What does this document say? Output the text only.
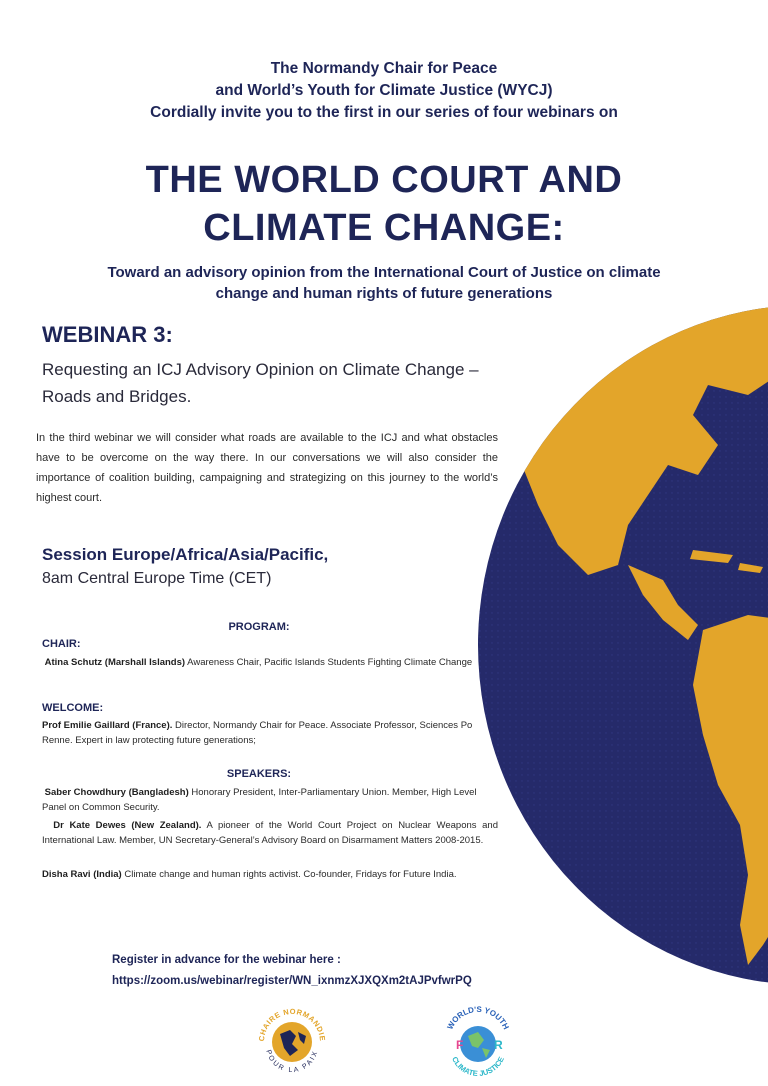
The Normandy Chair for Peace
and World’s Youth for Climate Justice (WYCJ)
Cordially invite you to the first in our series of four webinars on
THE WORLD COURT AND
CLIMATE CHANGE:
Toward an advisory opinion from the International Court of Justice on climate
change and human rights of future generations
WEBINAR 3:
Requesting an ICJ Advisory Opinion on Climate Change –
Roads and Bridges.
In the third webinar we will consider what roads are available to the ICJ and what obstacles have to be overcome on the way there. In our conversations we will also consider the importance of coalition building, campaigning and strategizing on this journey to the world’s highest court.
Session Europe/Africa/Asia/Pacific,
8am Central Europe Time (CET)
PROGRAM:
CHAIR:
Atina Schutz (Marshall Islands) Awareness Chair, Pacific Islands Students Fighting Climate Change
WELCOME:
Prof Emilie Gaillard (France). Director, Normandy Chair for Peace. Associate Professor, Sciences Po Renne. Expert in law protecting future generations;
SPEAKERS:
Saber Chowdhury (Bangladesh) Honorary President, Inter-Parliamentary Union. Member, High Level Panel on Common Security.
Dr Kate Dewes (New Zealand). A pioneer of the World Court Project on Nuclear Weapons and International Law. Member, UN Secretary-General’s Advisory Board on Disarmament Matters 2008-2015.
Disha Ravi (India) Climate change and human rights activist. Co-founder, Fridays for Future India.
Register in advance for the webinar here :
https://zoom.us/webinar/register/WN_ixnmzXJXQXm2tAJPvfwrPQ
CHAIRE NORMANDIE
POUR LA PAIX
F	R
WORLD'S YOUTH
CLIMATE JUSTICE
